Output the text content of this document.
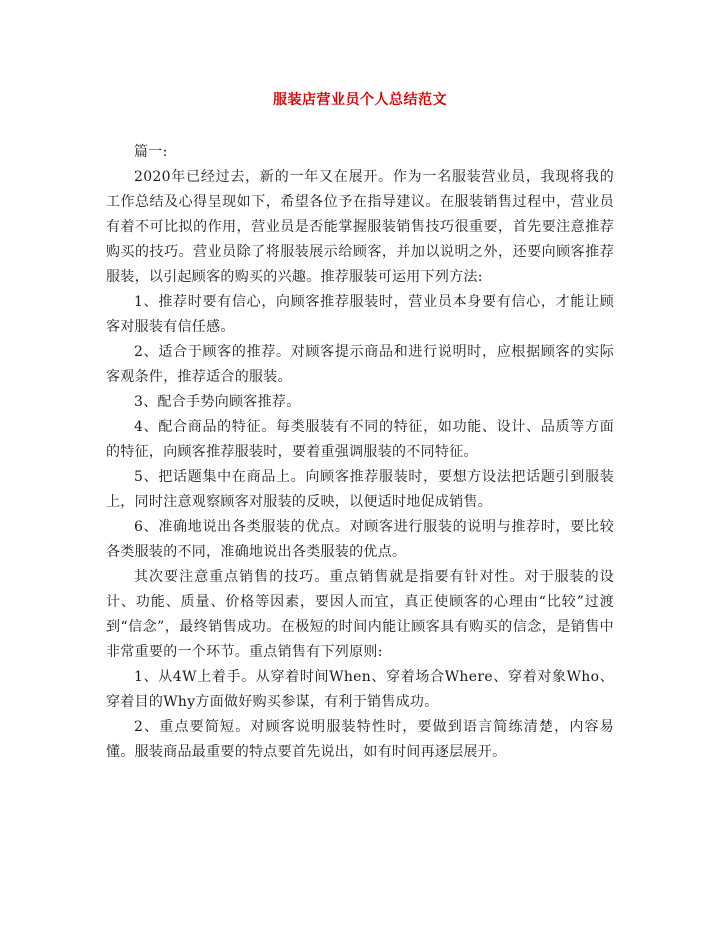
服装店营业员个人总结范文

篇一:

2020年已经过去，新的一年又在展开。作为一名服装营业员，我现将我的工作总结及心得呈现如下，希望各位予在指导建议。在服装销售过程中，营业员有着不可比拟的作用，营业员是否能掌握服装销售技巧很重要，首先要注意推荐购买的技巧。营业员除了将服装展示给顾客，并加以说明之外，还要向顾客推荐服装，以引起顾客的购买的兴趣。推荐服装可运用下列方法:

1、推荐时要有信心，向顾客推荐服装时，营业员本身要有信心，才能让顾客对服装有信任感。

2、适合于顾客的推荐。对顾客提示商品和进行说明时，应根据顾客的实际客观条件，推荐适合的服装。

3、配合手势向顾客推荐。

4、配合商品的特征。每类服装有不同的特征，如功能、设计、品质等方面的特征，向顾客推荐服装时，要着重强调服装的不同特征。

5、把话题集中在商品上。向顾客推荐服装时，要想方设法把话题引到服装上，同时注意观察顾客对服装的反映，以便适时地促成销售。

6、准确地说出各类服装的优点。对顾客进行服装的说明与推荐时，要比较各类服装的不同，准确地说出各类服装的优点。

其次要注意重点销售的技巧。重点销售就是指要有针对性。对于服装的设计、功能、质量、价格等因素，要因人而宜，真正使顾客的心理由“比较”过渡到“信念”，最终销售成功。在极短的时间内能让顾客具有购买的信念，是销售中非常重要的一个环节。重点销售有下列原则:

1、从4W上着手。从穿着时间When、穿着场合Where、穿着对象Who、穿着目的Why方面做好购买参谋，有利于销售成功。

2、重点要简短。对顾客说明服装特性时，要做到语言简练清楚，内容易懂。服装商品最重要的特点要首先说出，如有时间再逐层展开。
